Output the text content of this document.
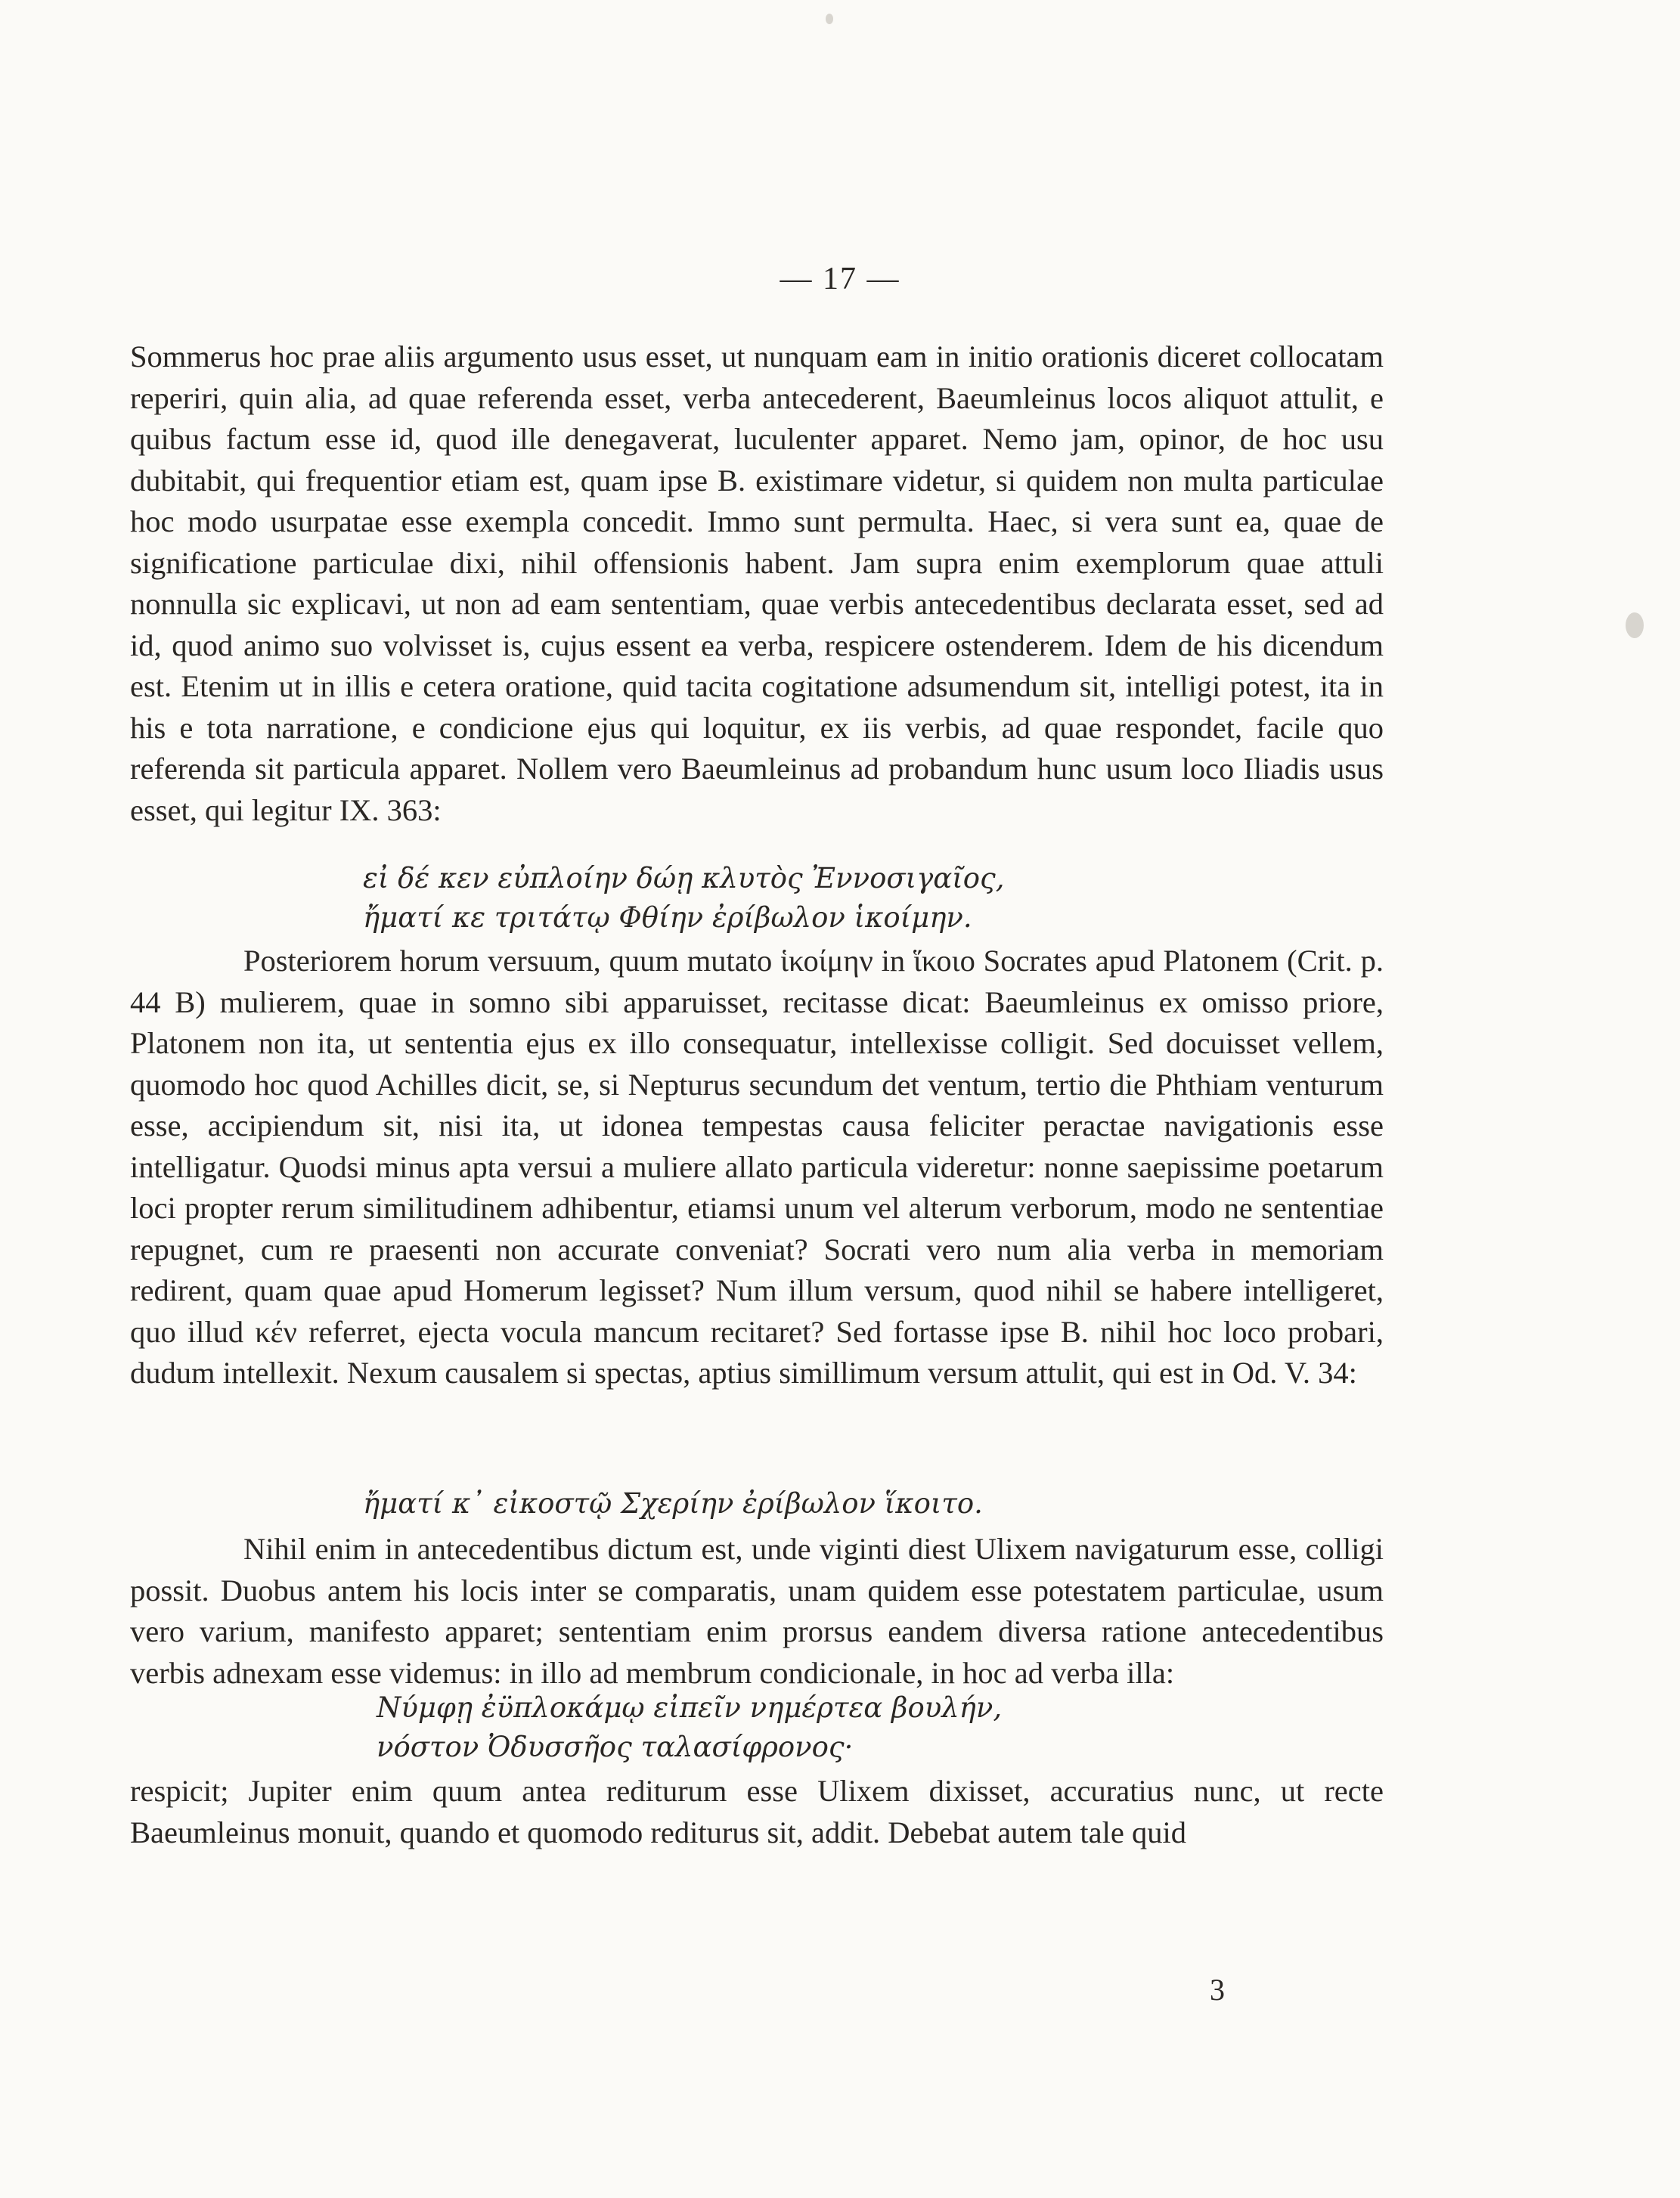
— 17 —
Sommerus hoc prae aliis argumento usus esset, ut nunquam eam in initio orationis diceret collocatam reperiri, quin alia, ad quae referenda esset, verba antecederent, Baeumleinus locos aliquot attulit, e quibus factum esse id, quod ille denegaverat, luculenter apparet. Nemo jam, opinor, de hoc usu dubitabit, qui frequentior etiam est, quam ipse B. existimare videtur, si quidem non multa particulae hoc modo usurpatae esse exempla concedit. Immo sunt permulta. Haec, si vera sunt ea, quae de significatione particulae dixi, nihil offensionis habent. Jam supra enim exemplorum quae attuli nonnulla sic explicavi, ut non ad eam sententiam, quae verbis antecedentibus declarata esset, sed ad id, quod animo suo volvisset is, cujus essent ea verba, respicere ostenderem. Idem de his dicendum est. Etenim ut in illis e cetera oratione, quid tacita cogitatione adsumendum sit, intelligi potest, ita in his e tota narratione, e condicione ejus qui loquitur, ex iis verbis, ad quae respondet, facile quo referenda sit particula apparet. Nollem vero Baeumleinus ad probandum hunc usum loco Iliadis usus esset, qui legitur IX. 363:
εἰ δέ κεν εὐπλοίην δώῃ κλυτὸς Ἐννοσιγαῖος,
ἤματί κε τριτάτῳ Φθίην ἐρίβωλον ἱκοίμην.
Posteriorem horum versuum, quum mutato ἱκοίμην in ἵκοιο Socrates apud Platonem (Crit. p. 44 B) mulierem, quae in somno sibi apparuisset, recitasse dicat: Baeumleinus ex omisso priore, Platonem non ita, ut sententia ejus ex illo consequatur, intellexisse colligit. Sed docuisset vellem, quomodo hoc quod Achilles dicit, se, si Nepturus secundum det ventum, tertio die Phthiam venturum esse, accipiendum sit, nisi ita, ut idonea tempestas causa feliciter peractae navigationis esse intelligatur. Quodsi minus apta versui a muliere allato particula videretur: nonne saepissime poetarum loci propter rerum similitudinem adhibentur, etiamsi unum vel alterum verborum, modo ne sententiae repugnet, cum re praesenti non accurate conveniat? Socrati vero num alia verba in memoriam redirent, quam quae apud Homerum legisset? Num illum versum, quod nihil se habere intelligeret, quo illud κέν referret, ejecta vocula mancum recitaret? Sed fortasse ipse B. nihil hoc loco probari, dudum intellexit. Nexum causalem si spectas, aptius simillimum versum attulit, qui est in Od. V. 34:
ἤματί κ᾽ εἰκοστῷ Σχερίην ἐρίβωλον ἵκοιτο.
Nihil enim in antecedentibus dictum est, unde viginti diest Ulixem navigaturum esse, colligi possit. Duobus antem his locis inter se comparatis, unam quidem esse potestatem particulae, usum vero varium, manifesto apparet; sententiam enim prorsus eandem diversa ratione antecedentibus verbis adnexam esse videmus: in illo ad membrum condicionale, in hoc ad verba illa:
Νύμφῃ ἐϋπλοκάμῳ εἰπεῖν νημέρτεα βουλήν,
νόστον Ὀδυσσῆος ταλασίφρονος·
respicit; Jupiter enim quum antea rediturum esse Ulixem dixisset, accuratius nunc, ut recte Baeumleinus monuit, quando et quomodo rediturus sit, addit. Debebat autem tale quid
3
